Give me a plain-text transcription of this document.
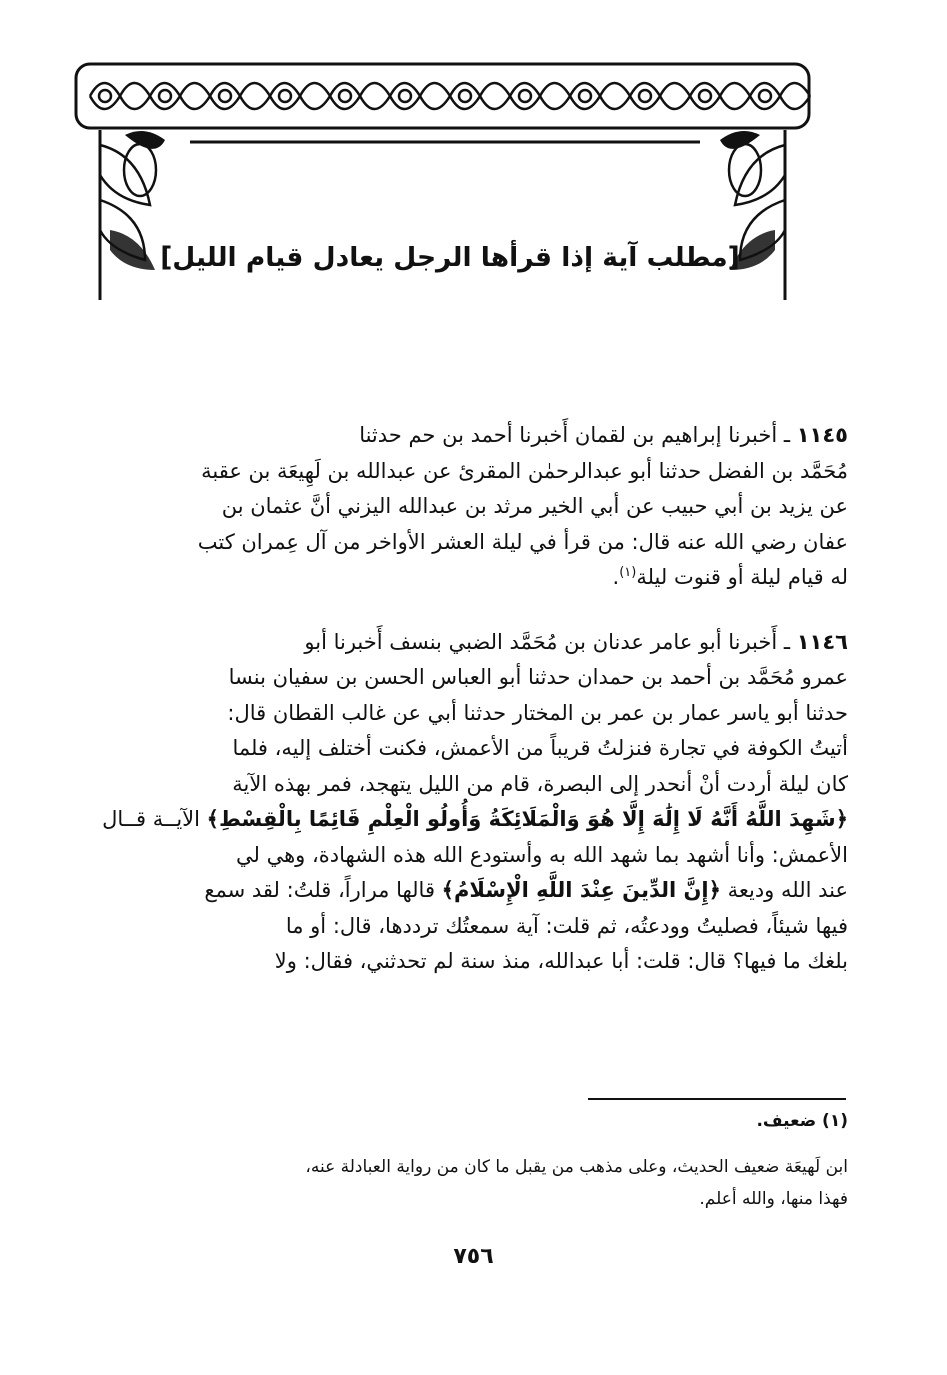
[مطلب آية إذا قرأها الرجل يعادل قيام الليل]
١١٤٥ ـ أخبرنا إبراهيم بن لقمان أَخبرنا أحمد بن حم حدثنا
مُحَمَّد بن الفضل حدثنا أبو عبدالرحمٰن المقرئ عن عبدالله بن لَهِيعَة بن عقبة
عن يزيد بن أبي حبيب عن أبي الخير مرثد بن عبدالله اليزني أنَّ عثمان بن
عفان رضي الله عنه قال: من قرأ في ليلة العشر الأواخر من آل عِمران كتب
له قيام ليلة أو قنوت ليلة$^{(١)}$.
١١٤٦ ـ أَخبرنا أبو عامر عدنان بن مُحَمَّد الضبي بنسف أَخبرنا أبو
عمرو مُحَمَّد بن أحمد بن حمدان حدثنا أبو العباس الحسن بن سفيان بنسا
حدثنا أبو ياسر عمار بن عمر بن المختار حدثنا أبي عن غالب القطان قال:
أتيتُ الكوفة في تجارة فنزلتُ قريباً من الأعمش، فكنت أختلف إليه، فلما
كان ليلة أردت أنْ أنحدر إلى البصرة، قام من الليل يتهجد، فمر بهذه الآية
﴿شَهِدَ اللَّهُ أَنَّهُ لَا إِلَٰهَ إِلَّا هُوَ وَالْمَلَائِكَةُ وَأُولُو الْعِلْمِ قَائِمًا بِالْقِسْطِ﴾ الآيــة قــال
الأعمش: وأنا أشهد بما شهد الله به وأستودع الله هذه الشهادة، وهي لي
عند الله وديعة ﴿إِنَّ الدِّينَ عِنْدَ اللَّهِ الْإِسْلَامُ﴾ قالها مراراً، قلتُ: لقد سمع
فيها شيئاً، فصليتُ وودعتُه، ثم قلت: آية سمعتُك ترددها، قال: أو ما
بلغك ما فيها؟ قال: قلت: أبا عبدالله، منذ سنة لم تحدثني، فقال: ولا

(١) ضعيف.

ابن لَهيعَة ضعيف الحديث، وعلى مذهب من يقبل ما كان من رواية العبادلة عنه،
فهذا منها، والله أعلم.

٧٥٦
